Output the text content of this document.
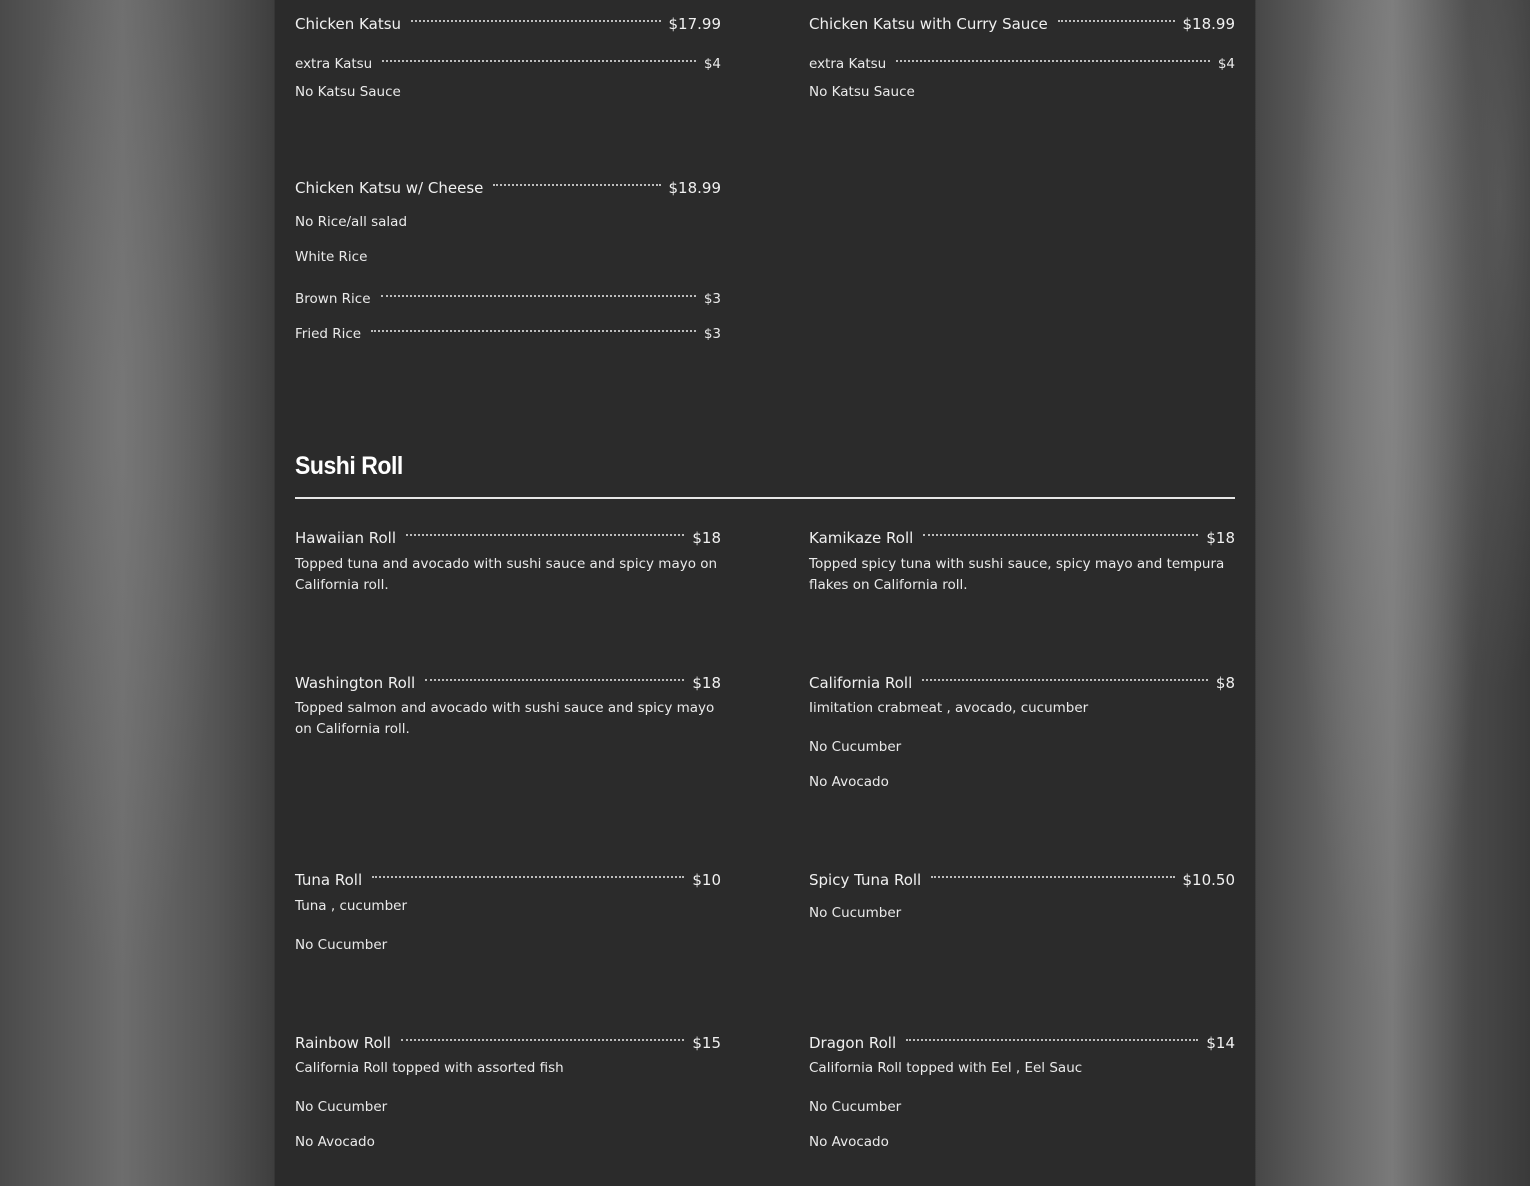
Chicken Katsu	$17.99
extra Katsu	$4
No Katsu Sauce
Chicken Katsu w/ Cheese	$18.99
No Rice/all salad
White Rice
Brown Rice	$3
Fried Rice	$3
Chicken Katsu with Curry Sauce	$18.99
extra Katsu	$4
No Katsu Sauce
Sushi Roll
Hawaiian Roll	$18
Topped tuna and avocado with sushi sauce and spicy mayo on California roll.
Washington Roll	$18
Topped salmon and avocado with sushi sauce and spicy mayo on California roll.
Tuna Roll	$10
Tuna , cucumber
No Cucumber
Rainbow Roll	$15
California Roll topped with assorted fish
No Cucumber
No Avocado
Kamikaze Roll	$18
Topped spicy tuna with sushi sauce, spicy mayo and tempura flakes on California roll.
California Roll	$8
Iimitation crabmeat , avocado, cucumber
No Cucumber
No Avocado
Spicy Tuna Roll	$10.50
No Cucumber
Dragon Roll	$14
California Roll topped with Eel , Eel Sauc
No Cucumber
No Avocado
